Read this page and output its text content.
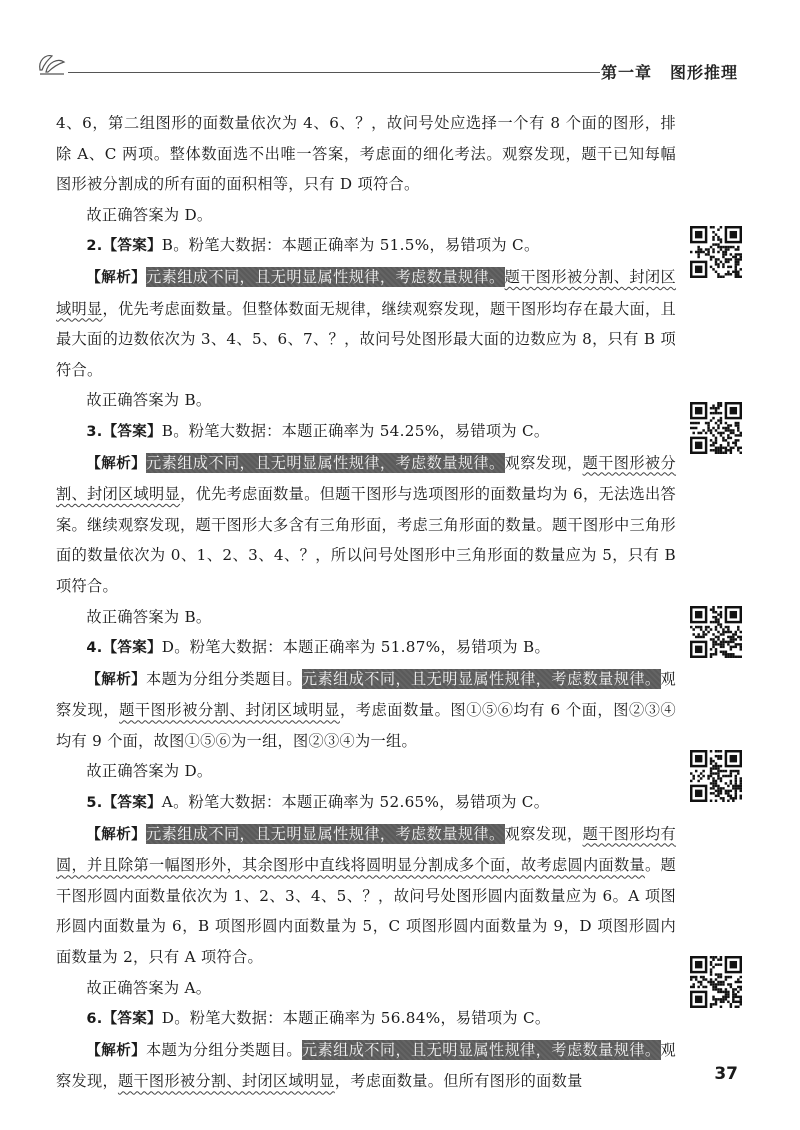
第一章 图形推理

4、6，第二组图形的面数量依次为 4、6、？，故问号处应选择一个有 8 个面的图形，排除 A、C 两项。整体数面选不出唯一答案，考虑面的细化考法。观察发现，题干已知每幅图形被分割成的所有面的面积相等，只有 D 项符合。

故正确答案为 D。

2.【答案】B。粉笔大数据：本题正确率为 51.5%，易错项为 C。

【解析】元素组成不同，且无明显属性规律，考虑数量规律。题干图形被分割、封闭区域明显，优先考虑面数量。但整体数面无规律，继续观察发现，题干图形均存在最大面，且最大面的边数依次为 3、4、5、6、7、？，故问号处图形最大面的边数应为 8，只有 B 项符合。

故正确答案为 B。

3.【答案】B。粉笔大数据：本题正确率为 54.25%，易错项为 C。

【解析】元素组成不同，且无明显属性规律，考虑数量规律。观察发现，题干图形被分割、封闭区域明显，优先考虑面数量。但题干图形与选项图形的面数量均为 6，无法选出答案。继续观察发现，题干图形大多含有三角形面，考虑三角形面的数量。题干图形中三角形面的数量依次为 0、1、2、3、4、？，所以问号处图形中三角形面的数量应为 5，只有 B 项符合。

故正确答案为 B。

4.【答案】D。粉笔大数据：本题正确率为 51.87%，易错项为 B。

【解析】本题为分组分类题目。元素组成不同，且无明显属性规律，考虑数量规律。观察发现，题干图形被分割、封闭区域明显，考虑面数量。图①⑤⑥均有 6 个面，图②③④均有 9 个面，故图①⑤⑥为一组，图②③④为一组。

故正确答案为 D。

5.【答案】A。粉笔大数据：本题正确率为 52.65%，易错项为 C。

【解析】元素组成不同，且无明显属性规律，考虑数量规律。观察发现，题干图形均有圆，并且除第一幅图形外，其余图形中直线将圆明显分割成多个面，故考虑圆内面数量。题干图形圆内面数量依次为 1、2、3、4、5、？，故问号处图形圆内面数量应为 6。A 项图形圆内面数量为 6，B 项图形圆内面数量为 5，C 项图形圆内面数量为 9，D 项图形圆内面数量为 2，只有 A 项符合。

故正确答案为 A。

6.【答案】D。粉笔大数据：本题正确率为 56.84%，易错项为 C。

【解析】本题为分组分类题目。元素组成不同，且无明显属性规律，考虑数量规律。观察发现，题干图形被分割、封闭区域明显，考虑面数量。但所有图形的面数量	37
